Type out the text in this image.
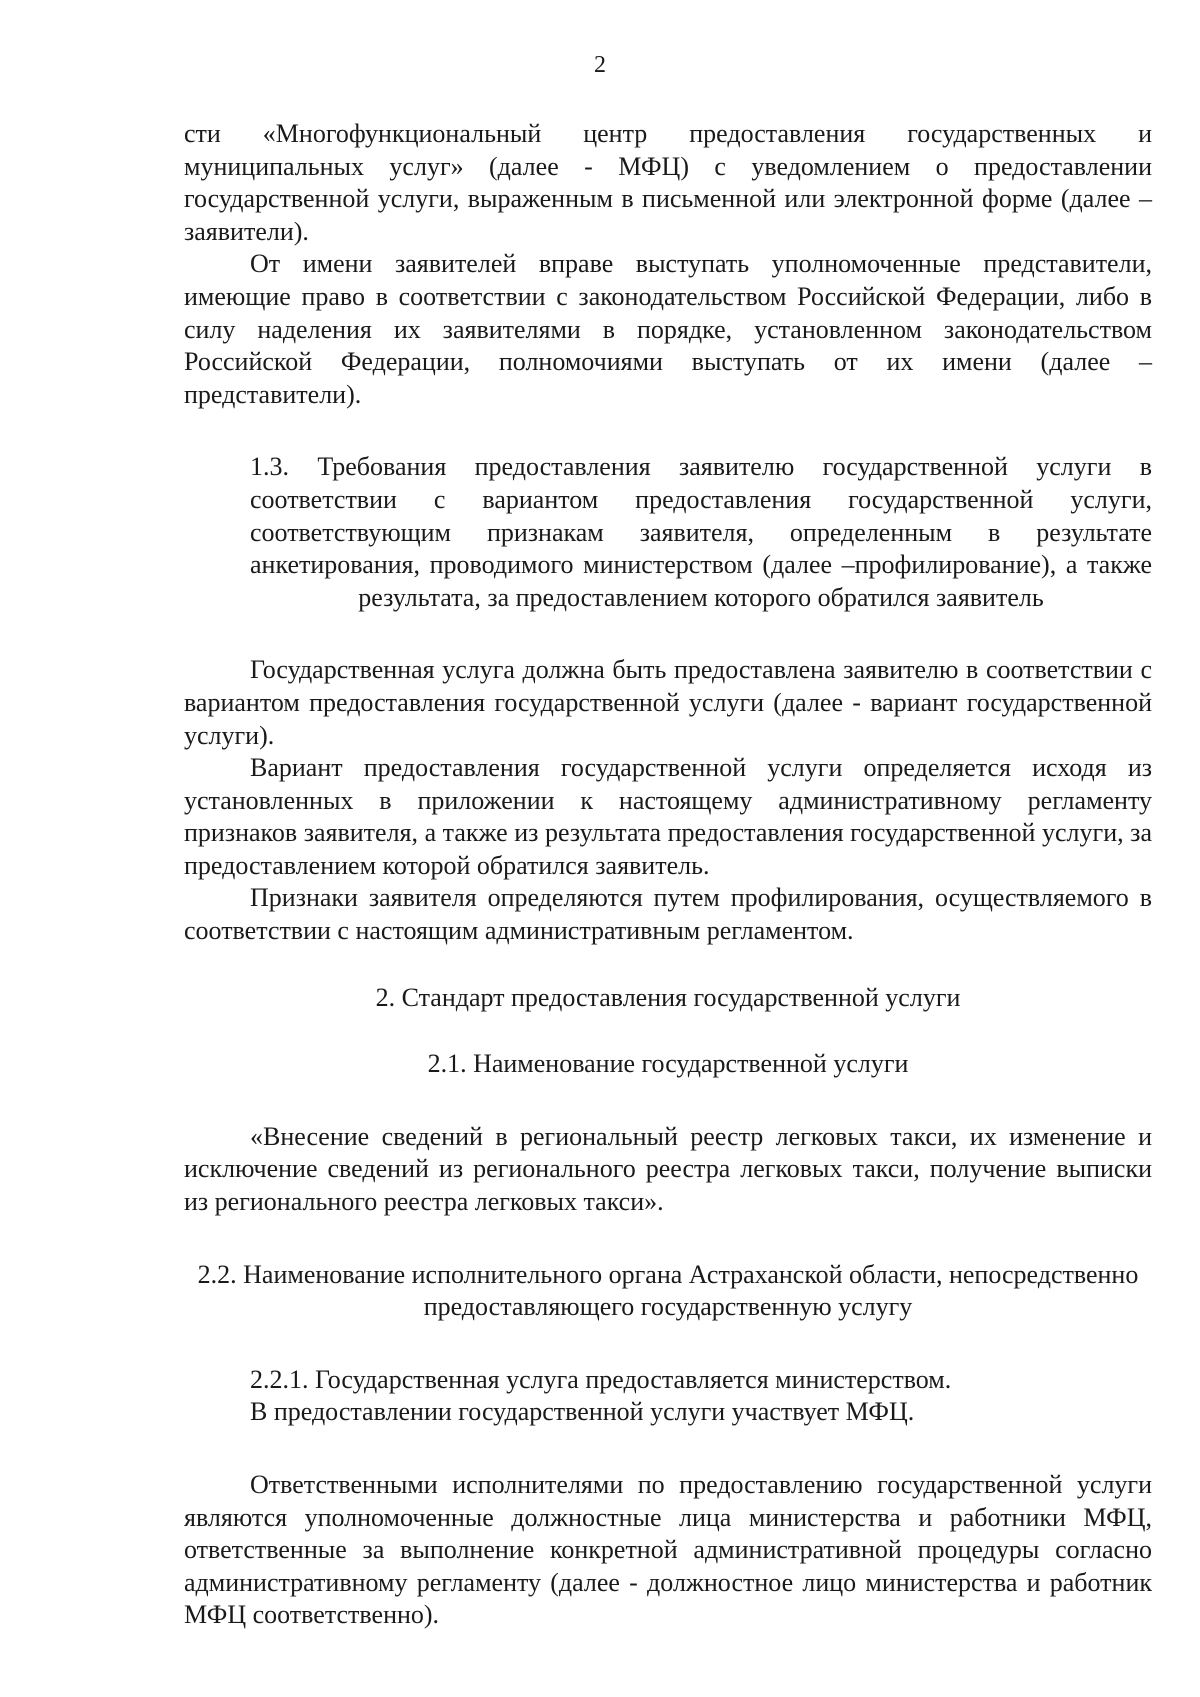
2

сти «Многофункциональный центр предоставления государственных и муниципальных услуг» (далее - МФЦ) с уведомлением о предоставлении государственной услуги, выраженным в письменной или электронной форме (далее – заявители).

От имени заявителей вправе выступать уполномоченные представители, имеющие право в соответствии с законодательством Российской Федерации, либо в силу наделения их заявителями в порядке, установленном законодательством Российской Федерации, полномочиями выступать от их имени (далее – представители).

1.3. Требования предоставления заявителю государственной услуги в соответствии с вариантом предоставления государственной услуги, соответствующим признакам заявителя, определенным в результате анкетирования, проводимого министерством (далее –профилирование), а также результата, за предоставлением которого обратился заявитель

Государственная услуга должна быть предоставлена заявителю в соответствии с вариантом предоставления государственной услуги (далее - вариант государственной услуги).

Вариант предоставления государственной услуги определяется исходя из установленных в приложении к настоящему административному регламенту признаков заявителя, а также из результата предоставления государственной услуги, за предоставлением которой обратился заявитель.

Признаки заявителя определяются путем профилирования, осуществляемого в соответствии с настоящим административным регламентом.

2. Стандарт предоставления государственной услуги
2.1. Наименование государственной услуги

«Внесение сведений в региональный реестр легковых такси, их изменение и исключение сведений из регионального реестра легковых такси, получение выписки из регионального реестра легковых такси».

2.2. Наименование исполнительного органа Астраханской области, непосредственно предоставляющего государственную услугу

2.2.1. Государственная услуга предоставляется министерством.

В предоставлении государственной услуги участвует МФЦ.

Ответственными исполнителями по предоставлению государственной услуги являются уполномоченные должностные лица министерства и работники МФЦ, ответственные за выполнение конкретной административной процедуры согласно административному регламенту (далее - должностное лицо министерства и работник МФЦ соответственно).
